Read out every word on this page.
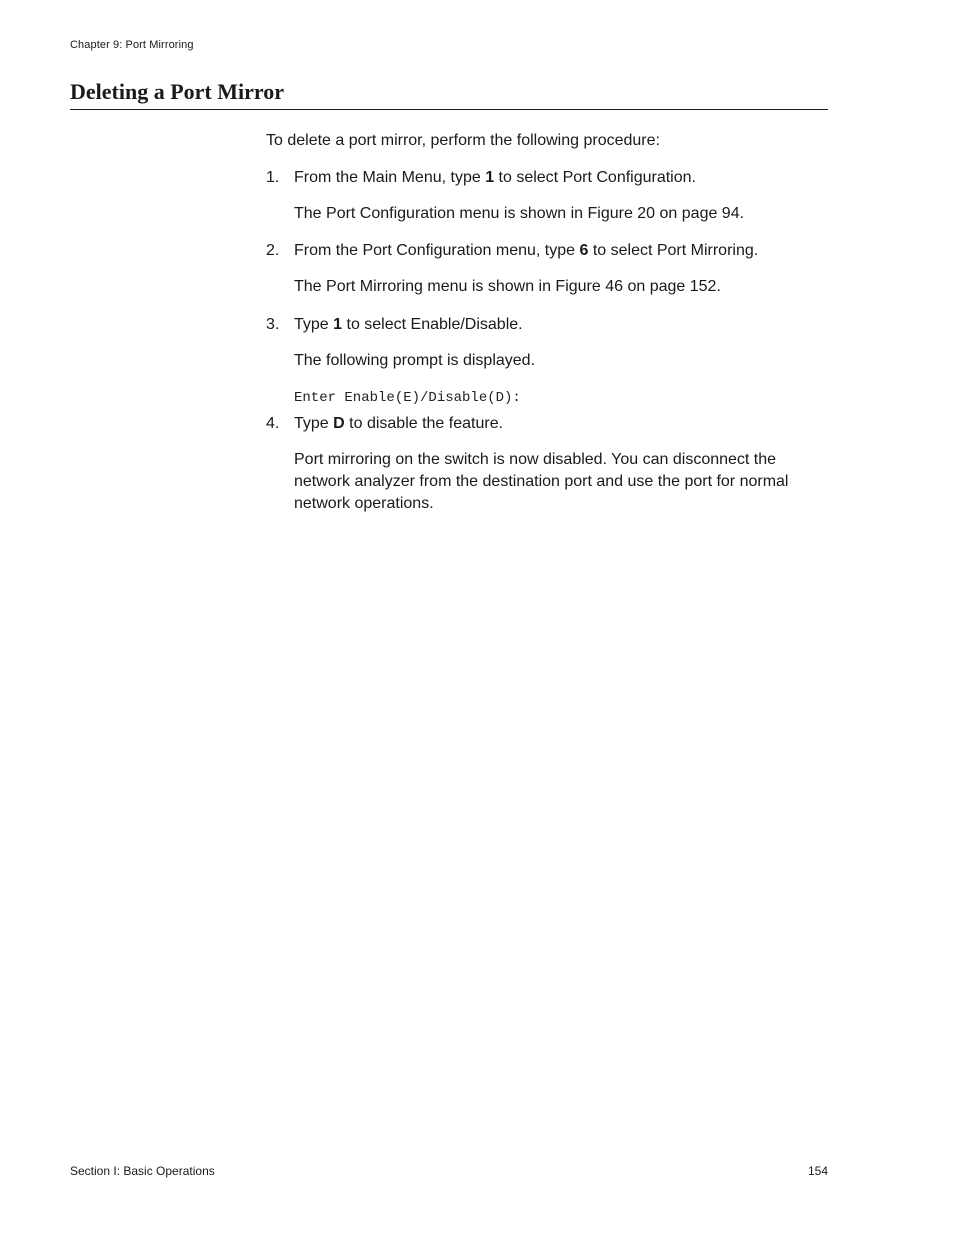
Chapter 9: Port Mirroring
Deleting a Port Mirror

To delete a port mirror, perform the following procedure:

1. From the Main Menu, type 1 to select Port Configuration.

The Port Configuration menu is shown in Figure 20 on page 94.

2. From the Port Configuration menu, type 6 to select Port Mirroring.

The Port Mirroring menu is shown in Figure 46 on page 152.

3. Type 1 to select Enable/Disable.

The following prompt is displayed.

Enter Enable(E)/Disable(D):
4. Type D to disable the feature.

Port mirroring on the switch is now disabled. You can disconnect the network analyzer from the destination port and use the port for normal network operations.

Section I: Basic Operations	154
